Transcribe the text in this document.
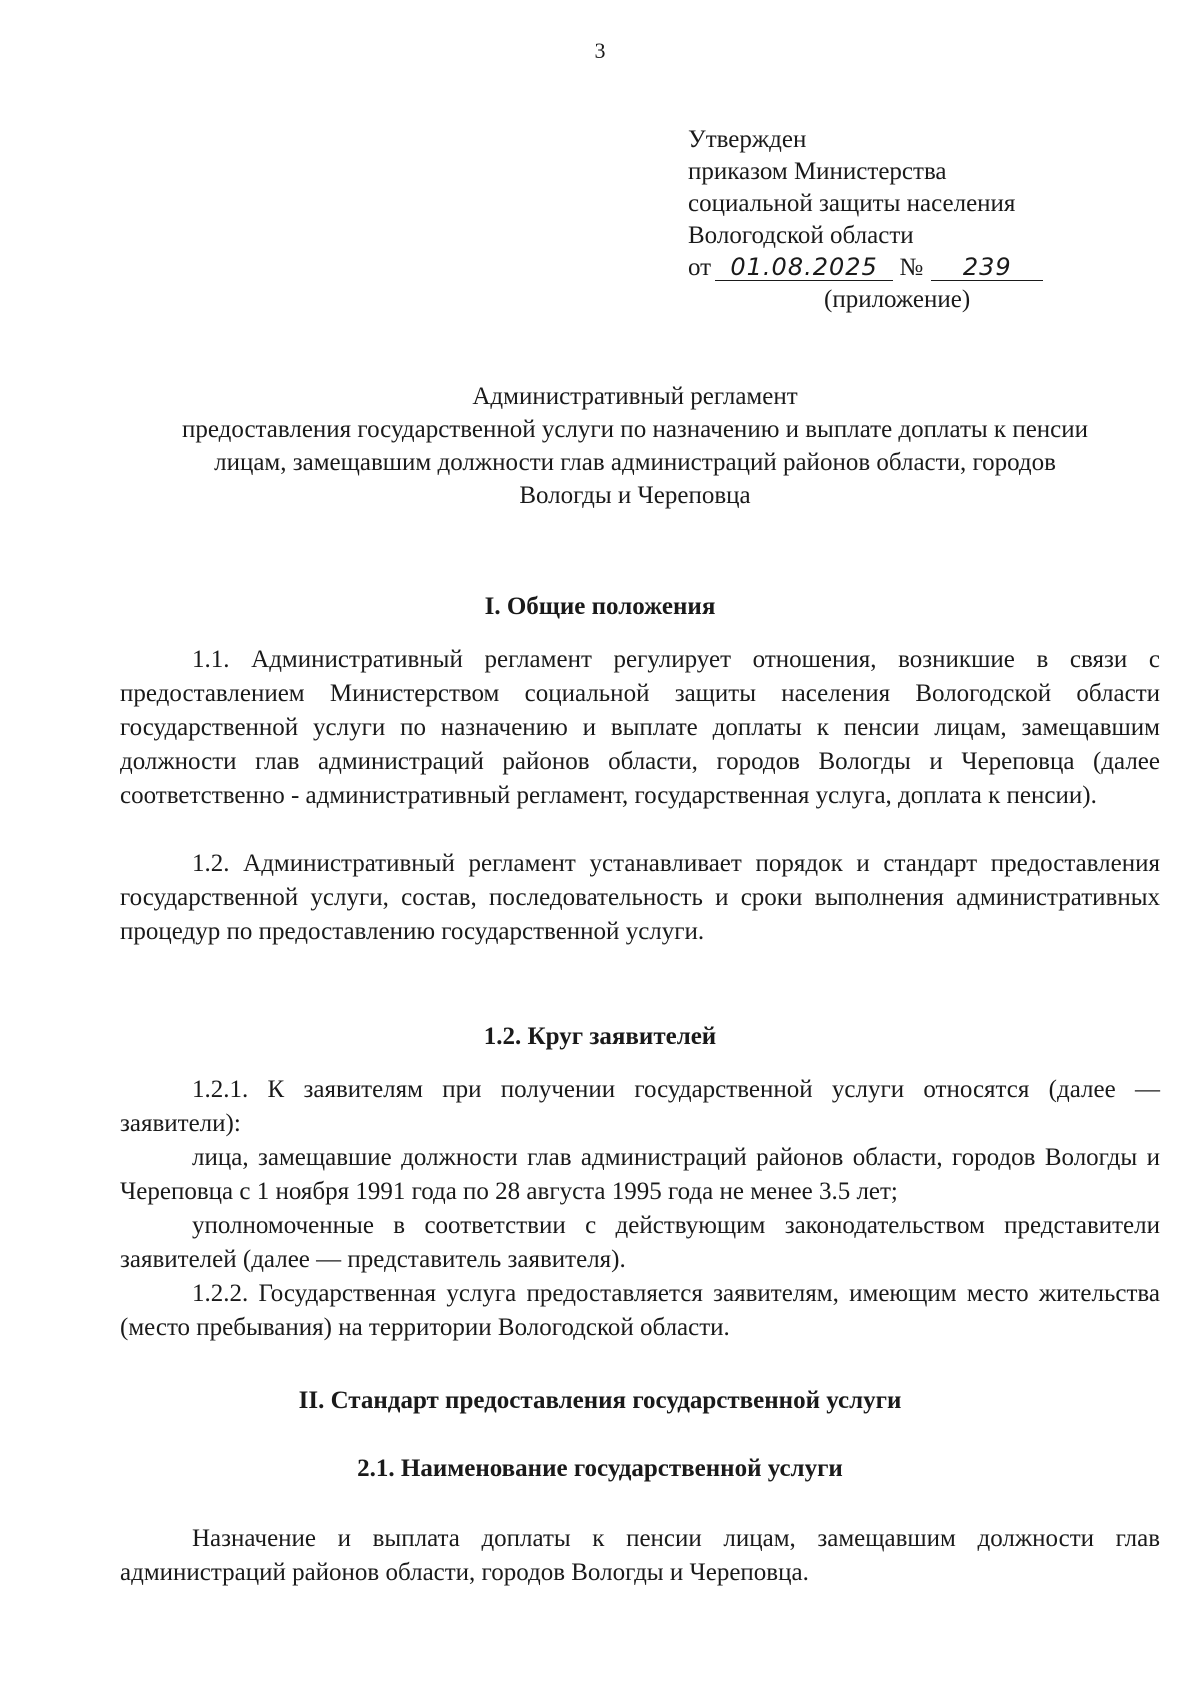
3
Утвержден
приказом Министерства
социальной защиты населения
Вологодской области
от 01.08.2025 № 239
(приложение)
Административный регламент
предоставления государственной услуги по назначению и выплате доплаты к пенсии
лицам, замещавшим должности глав администраций районов области, городов
Вологды и Череповца
I. Общие положения
1.1. Административный регламент регулирует отношения, возникшие в связи с предоставлением Министерством социальной защиты населения Вологодской области государственной услуги по назначению и выплате доплаты к пенсии лицам, замещавшим должности глав администраций районов области, городов Вологды и Череповца (далее соответственно - административный регламент, государственная услуга, доплата к пенсии).
1.2. Административный регламент устанавливает порядок и стандарт предоставления государственной услуги, состав, последовательность и сроки выполнения административных процедур по предоставлению государственной услуги.
1.2. Круг заявителей
1.2.1. К заявителям при получении государственной услуги относятся (далее — заявители):
лица, замещавшие должности глав администраций районов области, городов Вологды и Череповца с 1 ноября 1991 года по 28 августа 1995 года не менее 3.5 лет;
уполномоченные в соответствии с действующим законодательством представители заявителей (далее — представитель заявителя).
1.2.2. Государственная услуга предоставляется заявителям, имеющим место жительства (место пребывания) на территории Вологодской области.
II. Стандарт предоставления государственной услуги
2.1. Наименование государственной услуги
Назначение и выплата доплаты к пенсии лицам, замещавшим должности глав администраций районов области, городов Вологды и Череповца.
